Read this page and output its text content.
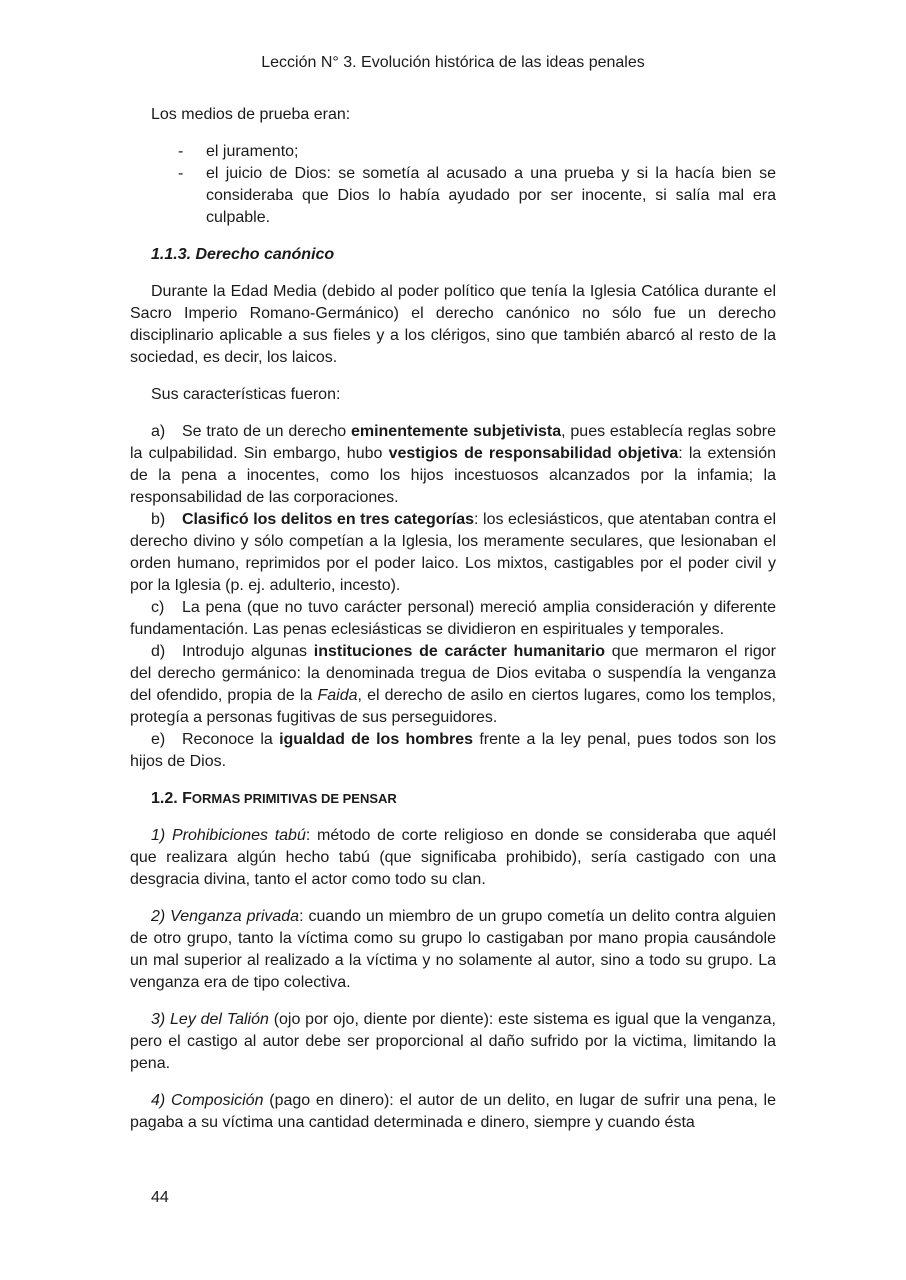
Lección N° 3. Evolución histórica de las ideas penales

Los medios de prueba eran:

- el juramento;
- el juicio de Dios: se sometía al acusado a una prueba y si la hacía bien se consideraba que Dios lo había ayudado por ser inocente, si salía mal era culpable.

1.1.3. Derecho canónico

Durante la Edad Media (debido al poder político que tenía la Iglesia Católica durante el Sacro Imperio Romano-Germánico) el derecho canónico no sólo fue un derecho disciplinario aplicable a sus fieles y a los clérigos, sino que también abarcó al resto de la sociedad, es decir, los laicos.

Sus características fueron:

a) Se trato de un derecho eminentemente subjetivista, pues establecía reglas sobre la culpabilidad. Sin embargo, hubo vestigios de responsabilidad objetiva: la extensión de la pena a inocentes, como los hijos incestuosos alcanzados por la infamia; la responsabilidad de las corporaciones.

b) Clasificó los delitos en tres categorías: los eclesiásticos, que atentaban contra el derecho divino y sólo competían a la Iglesia, los meramente seculares, que lesionaban el orden humano, reprimidos por el poder laico. Los mixtos, castigables por el poder civil y por la Iglesia (p. ej. adulterio, incesto).

c) La pena (que no tuvo carácter personal) mereció amplia consideración y diferente fundamentación. Las penas eclesiásticas se dividieron en espirituales y temporales.

d) Introdujo algunas instituciones de carácter humanitario que mermaron el rigor del derecho germánico: la denominada tregua de Dios evitaba o suspendía la venganza del ofendido, propia de la Faida, el derecho de asilo en ciertos lugares, como los templos, protegía a personas fugitivas de sus perseguidores.

e) Reconoce la igualdad de los hombres frente a la ley penal, pues todos son los hijos de Dios.

1.2. FORMAS PRIMITIVAS DE PENSAR

1) Prohibiciones tabú: método de corte religioso en donde se consideraba que aquél que realizara algún hecho tabú (que significaba prohibido), sería castigado con una desgracia divina, tanto el actor como todo su clan.

2) Venganza privada: cuando un miembro de un grupo cometía un delito contra alguien de otro grupo, tanto la víctima como su grupo lo castigaban por mano propia causándole un mal superior al realizado a la víctima y no solamente al autor, sino a todo su grupo. La venganza era de tipo colectiva.

3) Ley del Talión (ojo por ojo, diente por diente): este sistema es igual que la venganza, pero el castigo al autor debe ser proporcional al daño sufrido por la victima, limitando la pena.

4) Composición (pago en dinero): el autor de un delito, en lugar de sufrir una pena, le pagaba a su víctima una cantidad determinada e dinero, siempre y cuando ésta

44
